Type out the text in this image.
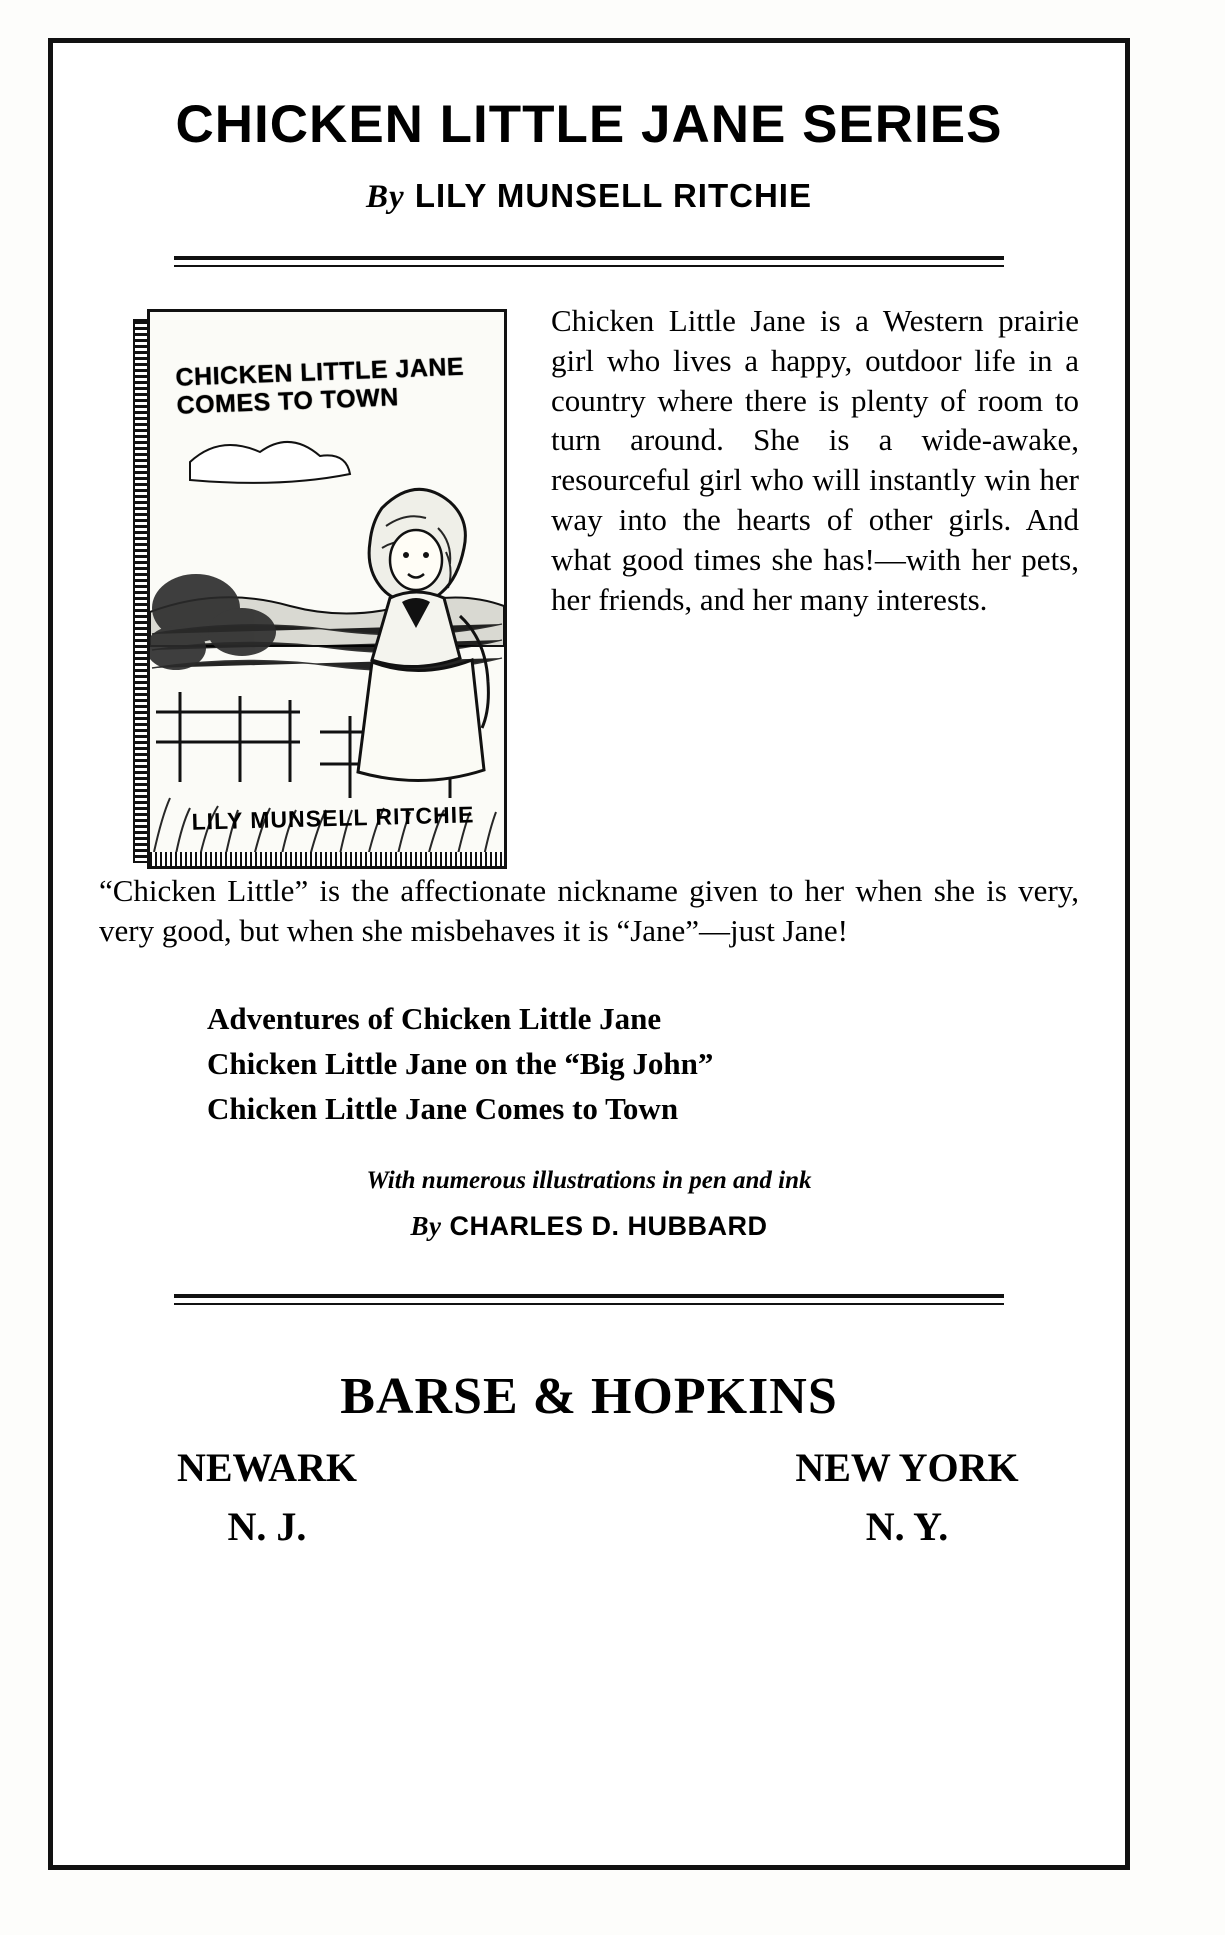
CHICKEN LITTLE JANE SERIES
By LILY MUNSELL RITCHIE
CHICKEN LITTLE JANE COMES TO TOWN
LILY MUNSELL RITCHIE
Chicken Little Jane is a Western prairie girl who lives a happy, outdoor life in a country where there is plenty of room to turn around. She is a wide-awake, resourceful girl who will instantly win her way into the hearts of other girls. And what good times she has!—with her pets, her friends, and her many interests.
“Chicken Little” is the affectionate nickname given to her when she is very, very good, but when she misbehaves it is “Jane”—just Jane!
Adventures of Chicken Little Jane
Chicken Little Jane on the “Big John”
Chicken Little Jane Comes to Town
With numerous illustrations in pen and ink
By CHARLES D. HUBBARD
BARSE & HOPKINS
NEWARK
N. J.
NEW YORK
N. Y.
